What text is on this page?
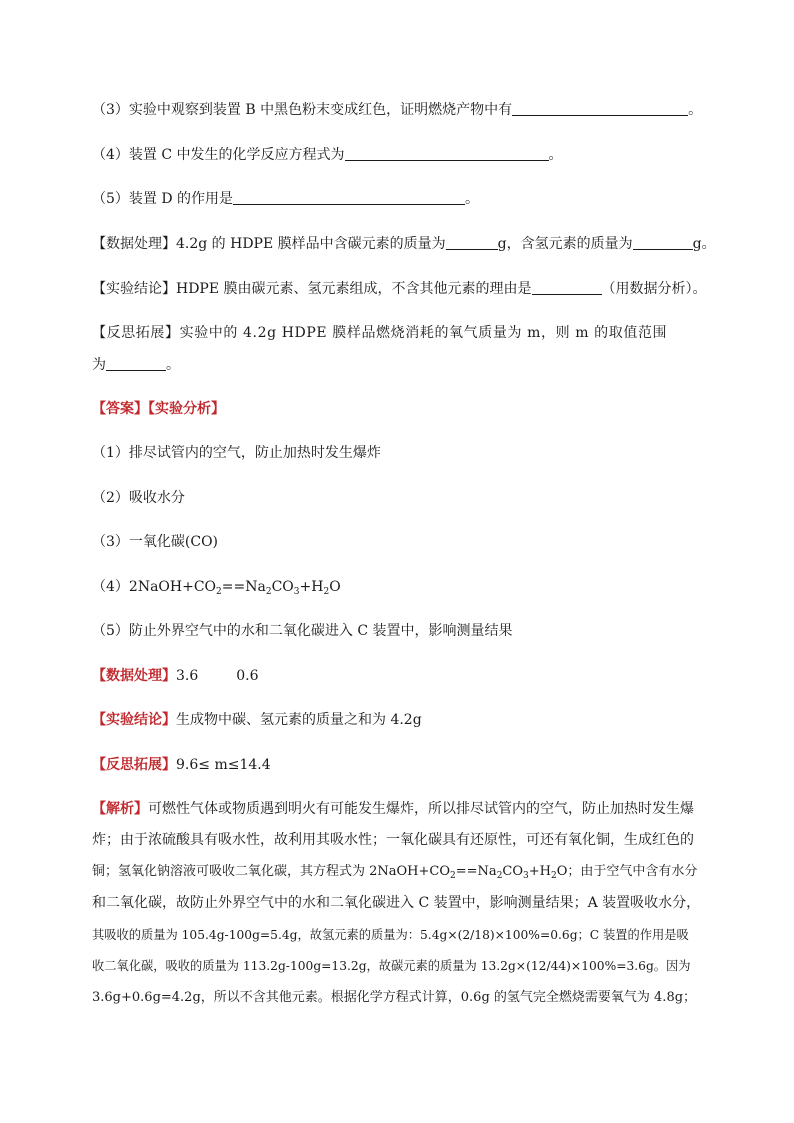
（3）实验中观察到装置 B 中黑色粉末变成红色，证明燃烧产物中有	。
（4）装置 C 中发生的化学反应方程式为	。
（5）装置 D 的作用是	。
【数据处理】4.2g 的 HDPE 膜样品中含碳元素的质量为	g，含氢元素的质量为	g。
【实验结论】HDPE 膜由碳元素、氢元素组成，不含其他元素的理由是	（用数据分析）。
【反思拓展】实验中的 4.2g HDPE 膜样品燃烧消耗的氧气质量为 m，则 m 的取值范围
为	。
【答案】【实验分析】
（1）排尽试管内的空气，防止加热时发生爆炸
（2）吸收水分
（3）一氧化碳(CO)
$(4)2NaOH+CO_2==Na_2CO_3+H_2O$
（5）防止外界空气中的水和二氧化碳进入 C 装置中，影响测量结果
【数据处理】3.6	0.6
【实验结论】生成物中碳、氢元素的质量之和为 4.2g
【反思拓展】9.6≤ m≤14.4
【解析】可燃性气体或物质遇到明火有可能发生爆炸，所以排尽试管内的空气，防止加热时发生爆
炸；由于浓硫酸具有吸水性，故利用其吸水性；一氧化碳具有还原性，可还有氧化铜，生成红色的
铜；氢氧化钠溶液可吸收二氧化碳，其方程式为 $2NaOH+CO_2==Na_2CO_3+H_2O$；由于空气中含有水分
和二氧化碳，故防止外界空气中的水和二氧化碳进入 C 装置中，影响测量结果；A 装置吸收水分，
其吸收的质量为 105.4g-100g=5.4g，故氢元素的质量为：5.4g×(2/18)×100%=0.6g；C 装置的作用是吸
收二氧化碳，吸收的质量为 113.2g-100g=13.2g，故碳元素的质量为 13.2g×(12/44)×100%=3.6g。因为
3.6g+0.6g=4.2g，所以不含其他元素。根据化学方程式计算，0.6g 的氢气完全燃烧需要氧气为 4.8g；
